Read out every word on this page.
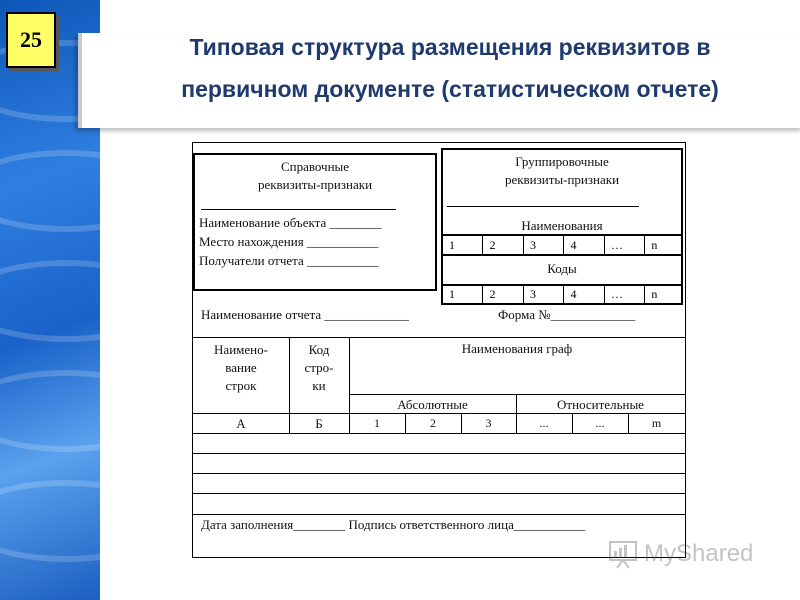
25	Типовая структура размещения реквизитов в
первичном документе (статистическом отчете)
Справочные
реквизиты-признаки
Наименование объекта ________
Место нахождения ___________
Получатели отчета ___________
Группировочные
реквизиты-признаки
Наименования
1	2	3	4	…	n
Коды
1	2	3	4	…	n
Наименование отчета _____________	Форма №_____________
Наимено-
вание
строк
Код
стро-
ки
Наименования граф
Абсолютные	Относительные
А	Б	1	2	3	...	...	m
Дата заполнения________ Подпись ответственного лица___________
MyShared
